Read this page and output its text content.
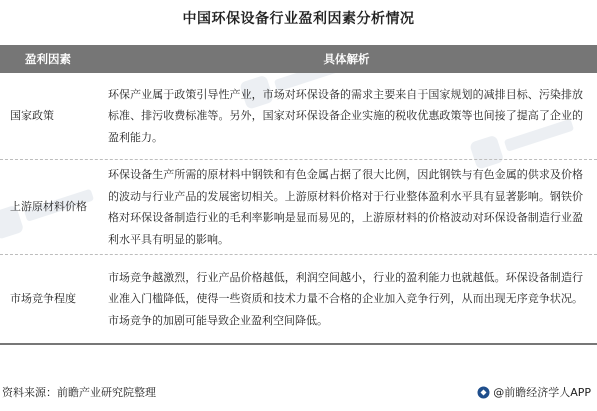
中国环保设备行业盈利因素分析情况
盈利因素	具体解析
国家政策
环保产业属于政策引导性产业，市场对环保设备的需求主要来自于国家规划的减排目标、污染排放标准、排污收费标准等。另外，国家对环保设备企业实施的税收优惠政策等也间接了提高了企业的盈利能力。
上游原材料价格
环保设备生产所需的原材料中钢铁和有色金属占据了很大比例，因此钢铁与有色金属的供求及价格的波动与行业产品的发展密切相关。上游原材料价格对于行业整体盈利水平具有显著影响。钢铁价格对环保设备制造行业的毛利率影响是显而易见的，上游原材料的价格波动对环保设备制造行业盈利水平具有明显的影响。
市场竞争程度
市场竞争越激烈，行业产品价格越低，利润空间越小，行业的盈利能力也就越低。环保设备制造行业准入门槛降低，使得一些资质和技术力量不合格的企业加入竞争行列，从而出现无序竞争状况。市场竞争的加剧可能导致企业盈利空间降低。
资料来源：前瞻产业研究院整理	@前瞻经济学人APP
